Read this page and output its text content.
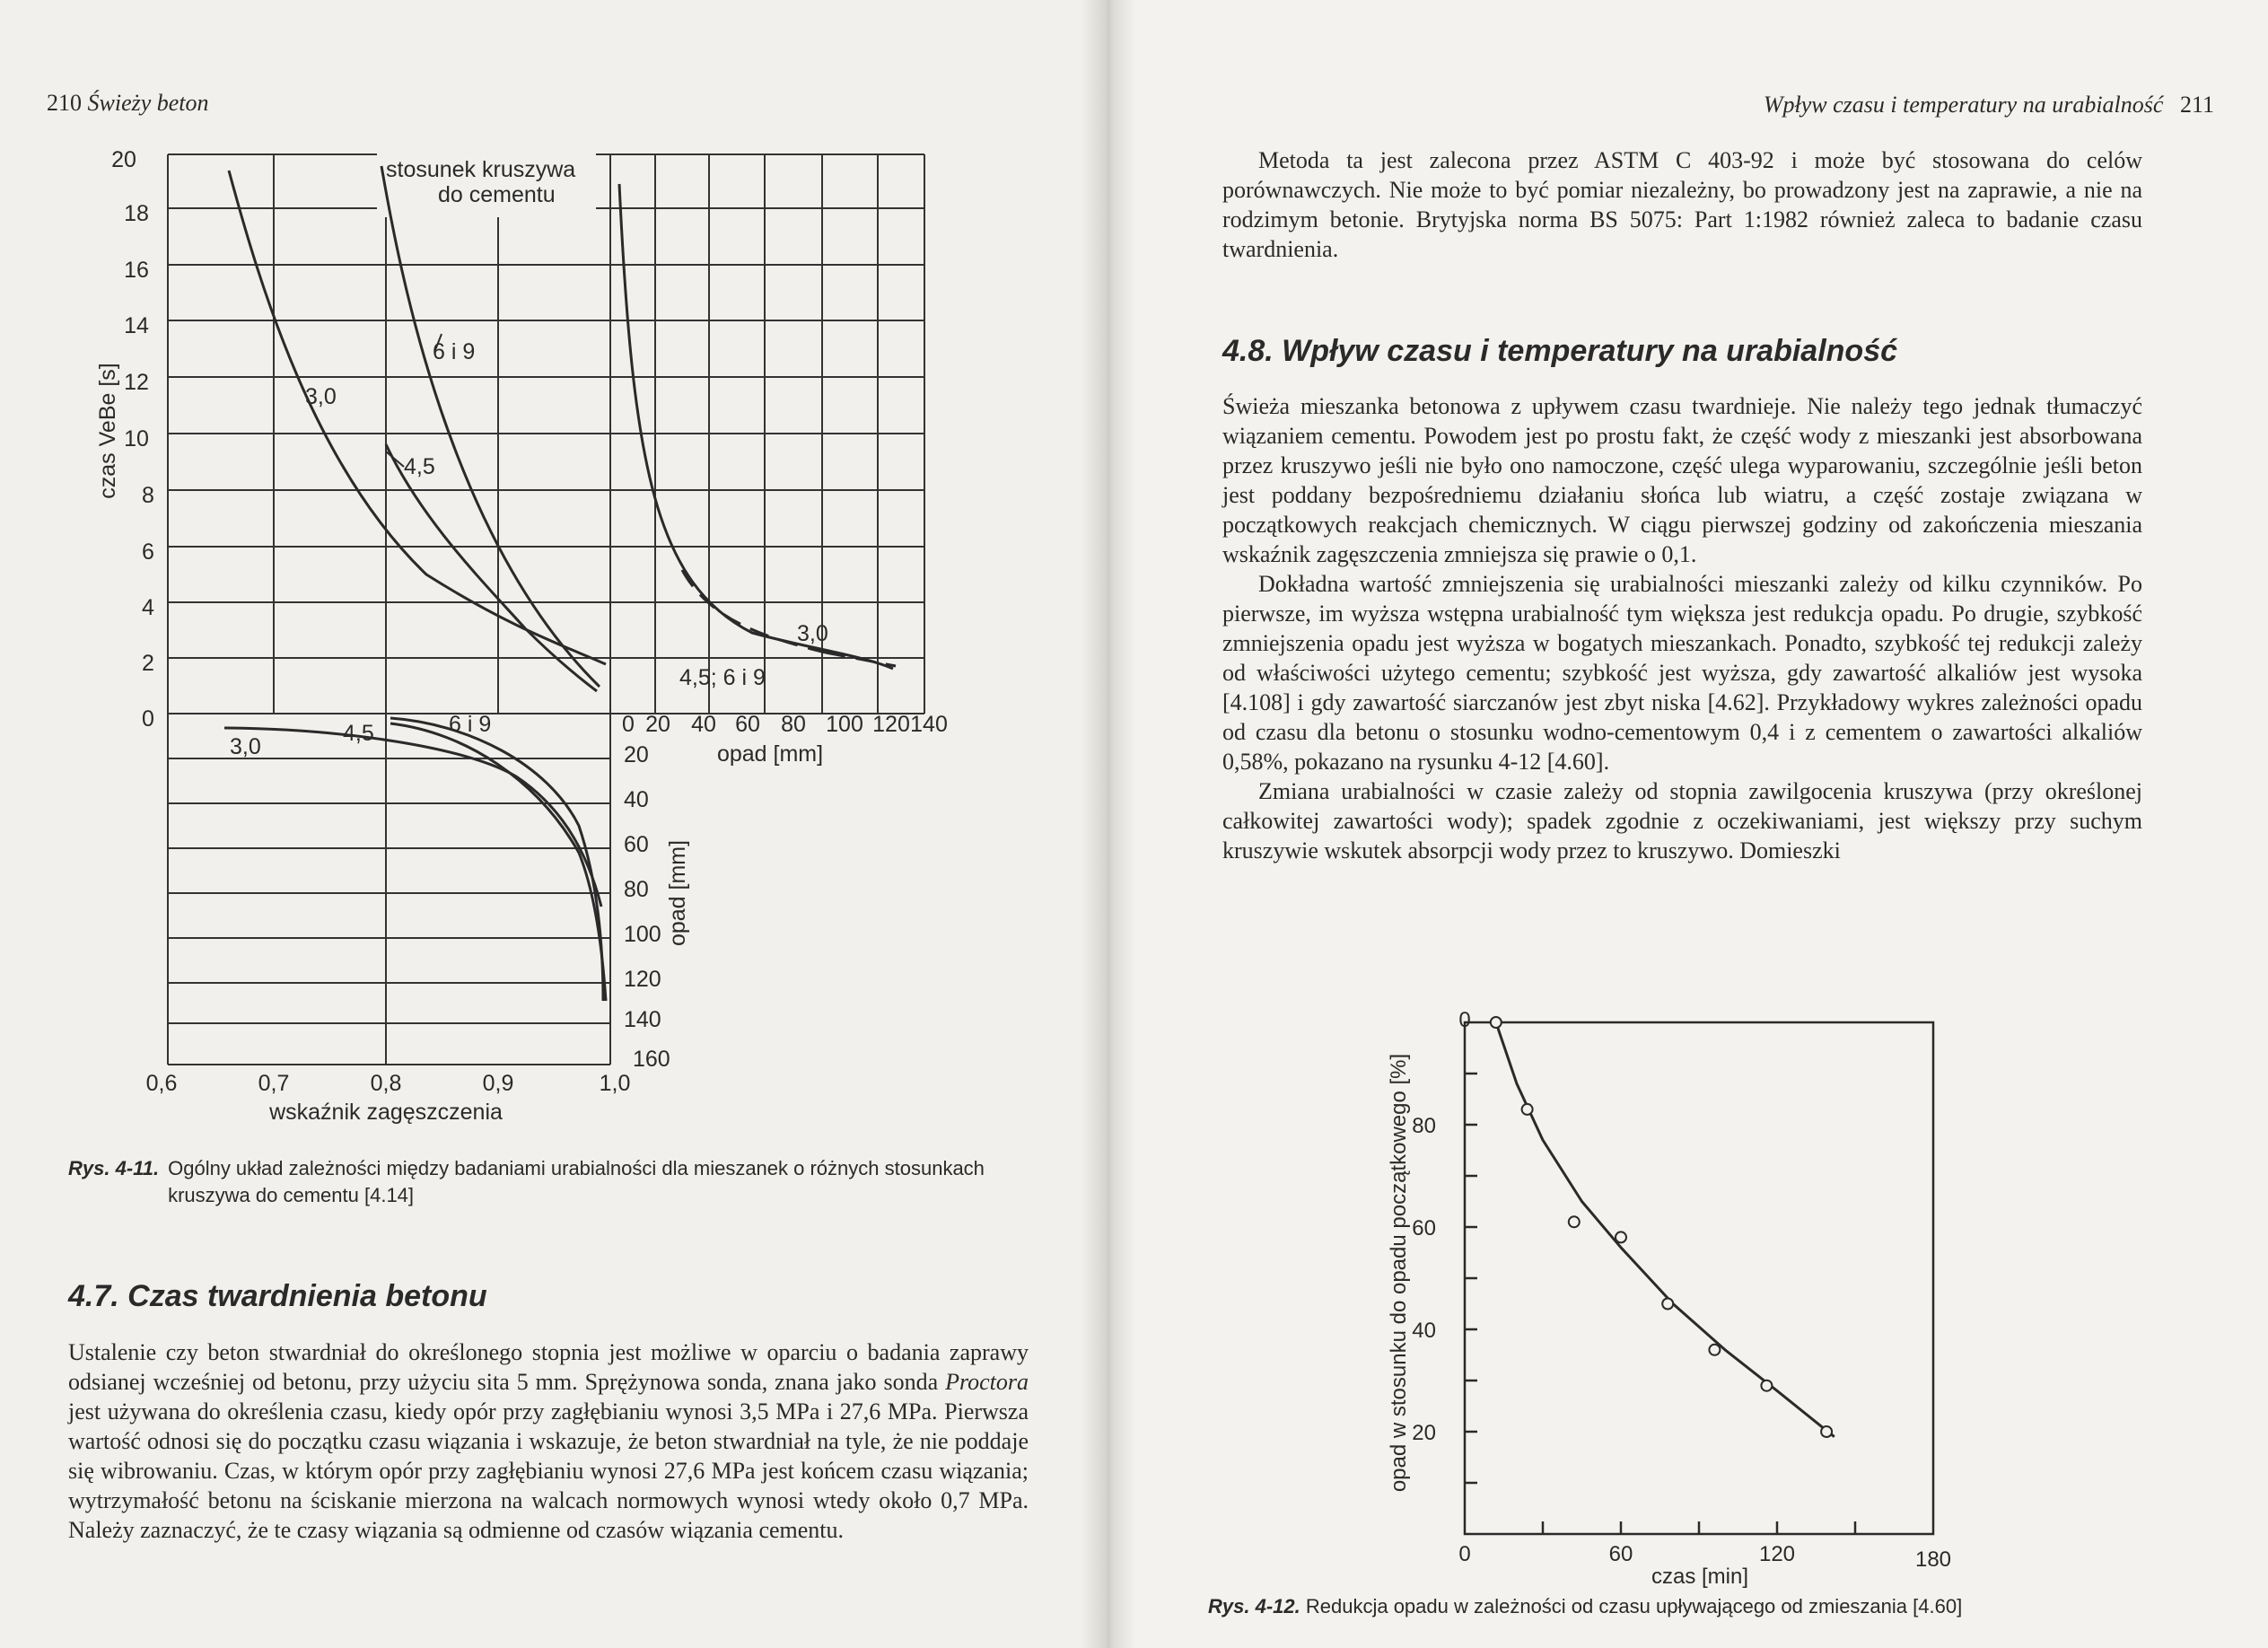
210 Świeży beton
stosunek kruszywa
do cementu
20
18
16
14
12
10
8
6
4
2
0
czas VeBe [s]	3,0
4,5
6 i 9
3,0
4,5; 6 i 9
3,0
4,5	6 i 9	0 20 40 60 80 100 120 140
opad [mm]
20
40
60
80
100
120
140
160
opad [mm]
0,6	0,7	0,8	0,9	1,0
wskaźnik zagęszczenia
Rys. 4-11. Ogólny układ zależności między badaniami urabialności dla mieszanek o różnych stosunkach kruszywa do cementu [4.14]
4.7. Czas twardnienia betonu

Ustalenie czy beton stwardniał do określonego stopnia jest możliwe w oparciu o badania zaprawy odsianej wcześniej od betonu, przy użyciu sita 5 mm. Sprężynowa sonda, znana jako sonda Proctora jest używana do określenia czasu, kiedy opór przy zagłębianiu wynosi 3,5 MPa i 27,6 MPa. Pierwsza wartość odnosi się do początku czasu wiązania i wskazuje, że beton stwardniał na tyle, że nie poddaje się wibrowaniu. Czas, w którym opór przy zagłębianiu wynosi 27,6 MPa jest końcem czasu wiązania; wytrzymałość betonu na ściskanie mierzona na walcach normowych wynosi wtedy około 0,7 MPa. Należy zaznaczyć, że te czasy wiązania są odmienne od czasów wiązania cementu.

Wpływ czasu i temperatury na urabialność 211

Metoda ta jest zalecona przez ASTM C 403-92 i może być stosowana do celów porównawczych. Nie może to być pomiar niezależny, bo prowadzony jest na zaprawie, a nie na rodzimym betonie. Brytyjska norma BS 5075: Part 1:1982 również zaleca to badanie czasu twardnienia.

4.8. Wpływ czasu i temperatury na urabialność

Świeża mieszanka betonowa z upływem czasu twardnieje. Nie należy tego jednak tłumaczyć wiązaniem cementu. Powodem jest po prostu fakt, że część wody z mieszanki jest absorbowana przez kruszywo jeśli nie było ono namoczone, część ulega wyparowaniu, szczególnie jeśli beton jest poddany bezpośredniemu działaniu słońca lub wiatru, a część zostaje związana w początkowych reakcjach chemicznych. W ciągu pierwszej godziny od zakończenia mieszania wskaźnik zagęszczenia zmniejsza się prawie o 0,1.

Dokładna wartość zmniejszenia się urabialności mieszanki zależy od kilku czynników. Po pierwsze, im wyższa wstępna urabialność tym większa jest redukcja opadu. Po drugie, szybkość zmniejszenia opadu jest wyższa w bogatych mieszankach. Ponadto, szybkość tej redukcji zależy od właściwości użytego cementu; szybkość jest wyższa, gdy zawartość alkaliów jest wysoka [4.108] i gdy zawartość siarczanów jest zbyt niska [4.62]. Przykładowy wykres zależności opadu od czasu dla betonu o stosunku wodno-cementowym 0,4 i z cementem o zawartości alkaliów 0,58%, pokazano na rysunku 4-12 [4.60].

Zmiana urabialności w czasie zależy od stopnia zawilgocenia kruszywa (przy określonej całkowitej zawartości wody); spadek zgodnie z oczekiwaniami, jest większy przy suchym kruszywie wskutek absorpcji wody przez to kruszywo. Domieszki

0
60	120	180
0
80
60
40
20
czas [min]
opad w stosunku do opadu początkowego [%]
Rys. 4-12. Redukcja opadu w zależności od czasu upływającego od zmieszania [4.60]
